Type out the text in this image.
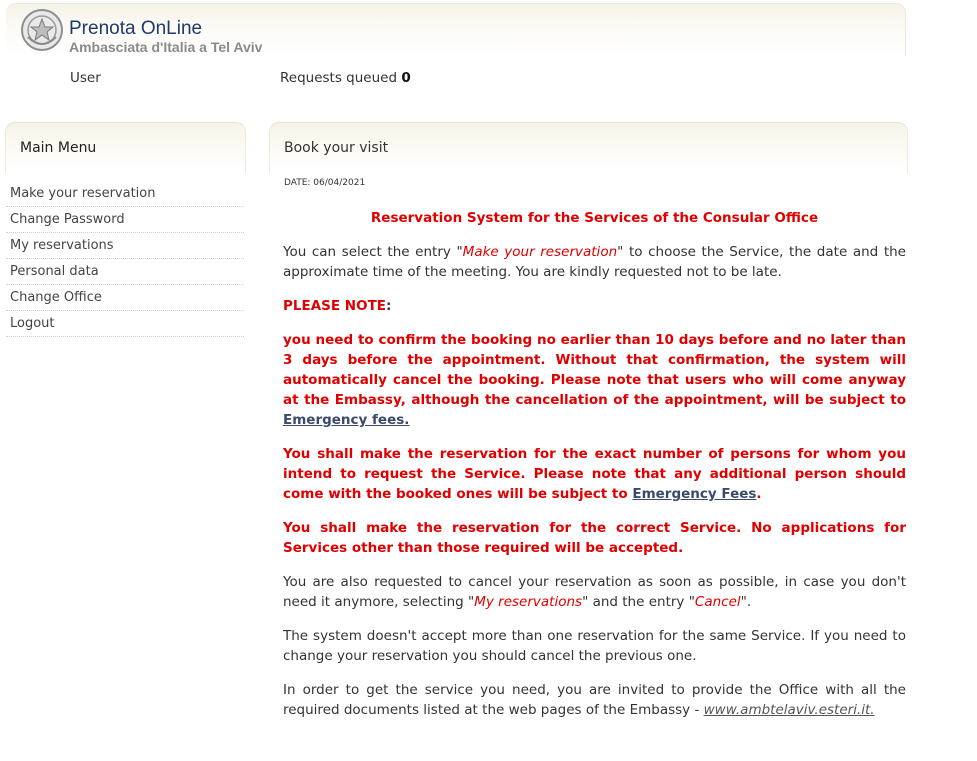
Prenota OnLine
Ambasciata d'Italia a Tel Aviv
User	Requests queued 0
Main Menu
Make your reservation
Change Password
My reservations
Personal data
Change Office
Logout
Book your visit
DATE: 06/04/2021

Reservation System for the Services of the Consular Office

You can select the entry "Make your reservation" to choose the Service, the date and the approximate time of the meeting. You are kindly requested not to be late.

PLEASE NOTE:

you need to confirm the booking no earlier than 10 days before and no later than 3 days before the appointment. Without that confirmation, the system will automatically cancel the booking. Please note that users who will come anyway at the Embassy, although the cancellation of the appointment, will be subject to Emergency fees.

You shall make the reservation for the exact number of persons for whom you intend to request the Service. Please note that any additional person should come with the booked ones will be subject to Emergency Fees.

You shall make the reservation for the correct Service. No applications for Services other than those required will be accepted.

You are also requested to cancel your reservation as soon as possible, in case you don't need it anymore, selecting "My reservations" and the entry "Cancel".

The system doesn't accept more than one reservation for the same Service. If you need to change your reservation you should cancel the previous one.

In order to get the service you need, you are invited to provide the Office with all the required documents listed at the web pages of the Embassy - www.ambtelaviv.esteri.it.
